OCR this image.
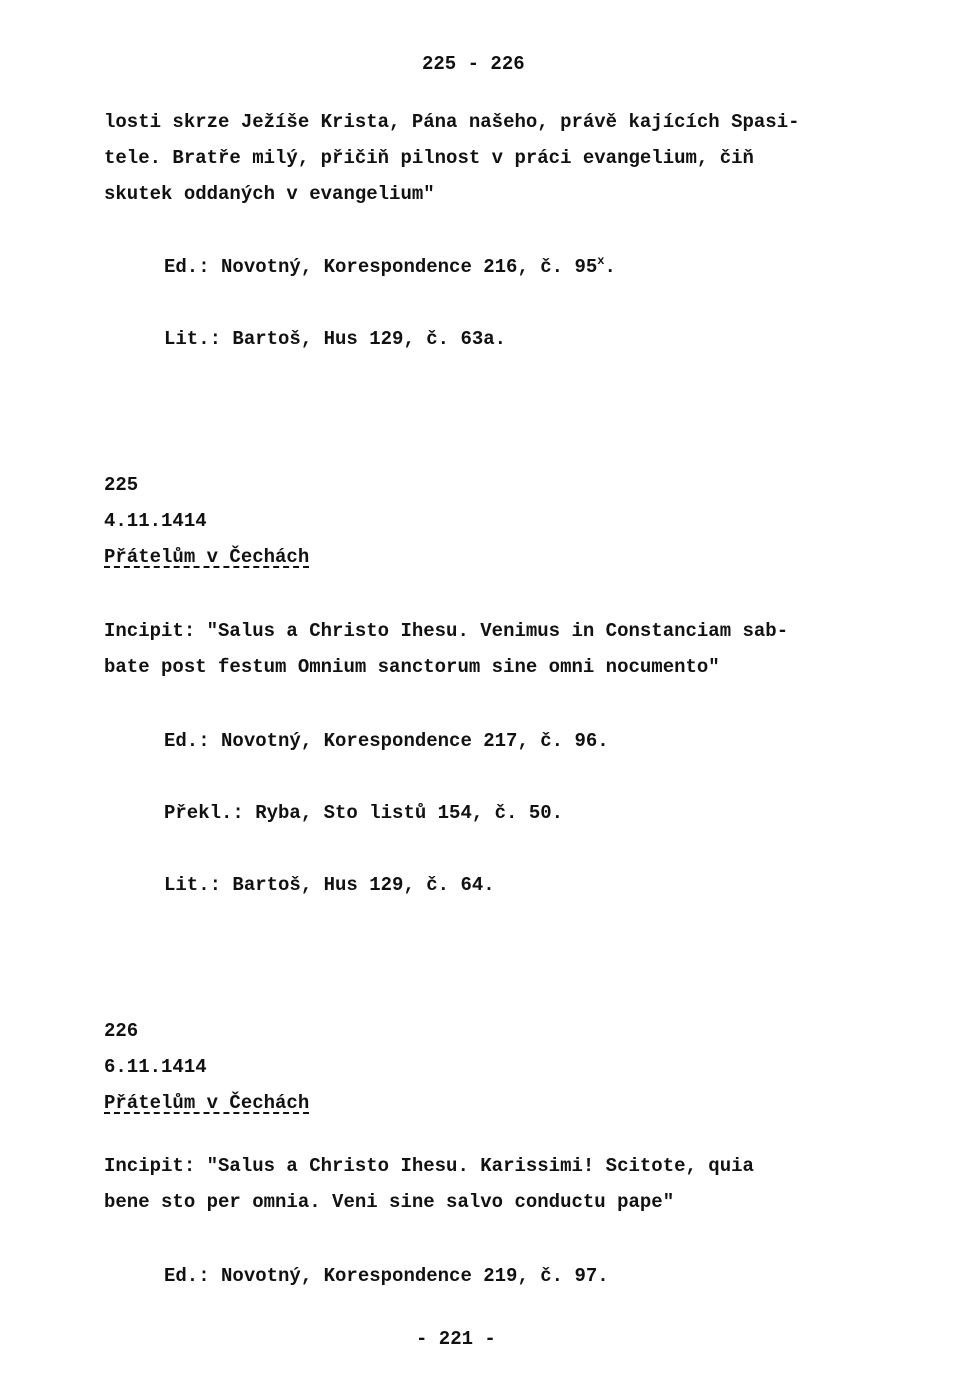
225 - 226
losti skrze Ježíše Krista, Pána našeho, právě kajících Spasi-
tele. Bratře milý, přičiň pilnost v práci evangelium, čiň
skutek oddaných v evangelium"
Ed.: Novotný, Korespondence 216, č. 95$^x$.
Lit.: Bartoš, Hus 129, č. 63a.
225
4.11.1414
Přátelům v Čechách
Incipit: "Salus a Christo Ihesu. Venimus in Constanciam sab-
bate post festum Omnium sanctorum sine omni nocumento"
Ed.: Novotný, Korespondence 217, č. 96.
Překl.: Ryba, Sto listů 154, č. 50.
Lit.: Bartoš, Hus 129, č. 64.
226
6.11.1414
Přátelům v Čechách
Incipit: "Salus a Christo Ihesu. Karissimi! Scitote, quia
bene sto per omnia. Veni sine salvo conductu pape"
Ed.: Novotný, Korespondence 219, č. 97.
- 221 -
